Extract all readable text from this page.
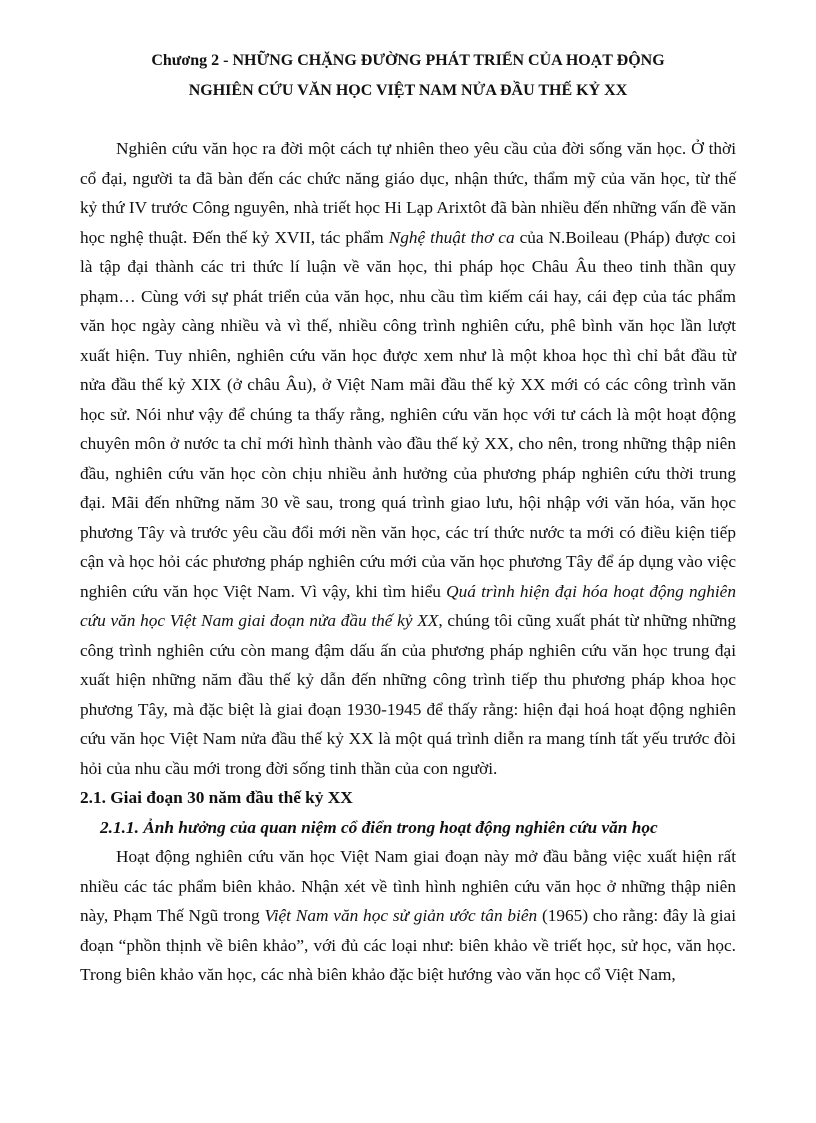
Chương 2 - NHỮNG CHẶNG ĐƯỜNG PHÁT TRIỂN CỦA HOẠT ĐỘNG
NGHIÊN CỨU VĂN HỌC VIỆT NAM NỬA ĐẦU THẾ KỶ XX

Nghiên cứu văn học ra đời một cách tự nhiên theo yêu cầu của đời sống văn học. Ở thời cổ đại, người ta đã bàn đến các chức năng giáo dục, nhận thức, thẩm mỹ của văn học, từ thế kỷ thứ IV trước Công nguyên, nhà triết học Hi Lạp Arixtôt đã bàn nhiều đến những vấn đề văn học nghệ thuật. Đến thế kỷ XVII, tác phẩm Nghệ thuật thơ ca của N.Boileau (Pháp) được coi là tập đại thành các tri thức lí luận về văn học, thi pháp học Châu Âu theo tinh thần quy phạm… Cùng với sự phát triển của văn học, nhu cầu tìm kiếm cái hay, cái đẹp của tác phẩm văn học ngày càng nhiều và vì thế, nhiều công trình nghiên cứu, phê bình văn học lần lượt xuất hiện. Tuy nhiên, nghiên cứu văn học được xem như là một khoa học thì chỉ bắt đầu từ nửa đầu thế kỷ XIX (ở châu Âu), ở Việt Nam mãi đầu thế kỷ XX mới có các công trình văn học sử. Nói như vậy để chúng ta thấy rằng, nghiên cứu văn học với tư cách là một hoạt động chuyên môn ở nước ta chỉ mới hình thành vào đầu thế kỷ XX, cho nên, trong những thập niên đầu, nghiên cứu văn học còn chịu nhiều ảnh hưởng của phương pháp nghiên cứu thời trung đại. Mãi đến những năm 30 về sau, trong quá trình giao lưu, hội nhập với văn hóa, văn học phương Tây và trước yêu cầu đổi mới nền văn học, các trí thức nước ta mới có điều kiện tiếp cận và học hỏi các phương pháp nghiên cứu mới của văn học phương Tây để áp dụng vào việc nghiên cứu văn học Việt Nam. Vì vậy, khi tìm hiểu Quá trình hiện đại hóa hoạt động nghiên cứu văn học Việt Nam giai đoạn nửa đầu thế kỷ XX, chúng tôi cũng xuất phát từ những những công trình nghiên cứu còn mang đậm dấu ấn của phương pháp nghiên cứu văn học trung đại xuất hiện những năm đầu thế kỷ dẫn đến những công trình tiếp thu phương pháp khoa học phương Tây, mà đặc biệt là giai đoạn 1930-1945 để thấy rằng: hiện đại hoá hoạt động nghiên cứu văn học Việt Nam nửa đầu thế kỷ XX là một quá trình diễn ra mang tính tất yếu trước đòi hỏi của nhu cầu mới trong đời sống tinh thần của con người.

2.1. Giai đoạn 30 năm đầu thế kỷ XX

2.1.1. Ảnh hưởng của quan niệm cổ điển trong hoạt động nghiên cứu văn học

Hoạt động nghiên cứu văn học Việt Nam giai đoạn này mở đầu bằng việc xuất hiện rất nhiều các tác phẩm biên khảo. Nhận xét về tình hình nghiên cứu văn học ở những thập niên này, Phạm Thế Ngũ trong Việt Nam văn học sử giản ước tân biên (1965) cho rằng: đây là giai đoạn “phồn thịnh về biên khảo”, với đủ các loại như: biên khảo về triết học, sử học, văn học. Trong biên khảo văn học, các nhà biên khảo đặc biệt hướng vào văn học cổ Việt Nam,
